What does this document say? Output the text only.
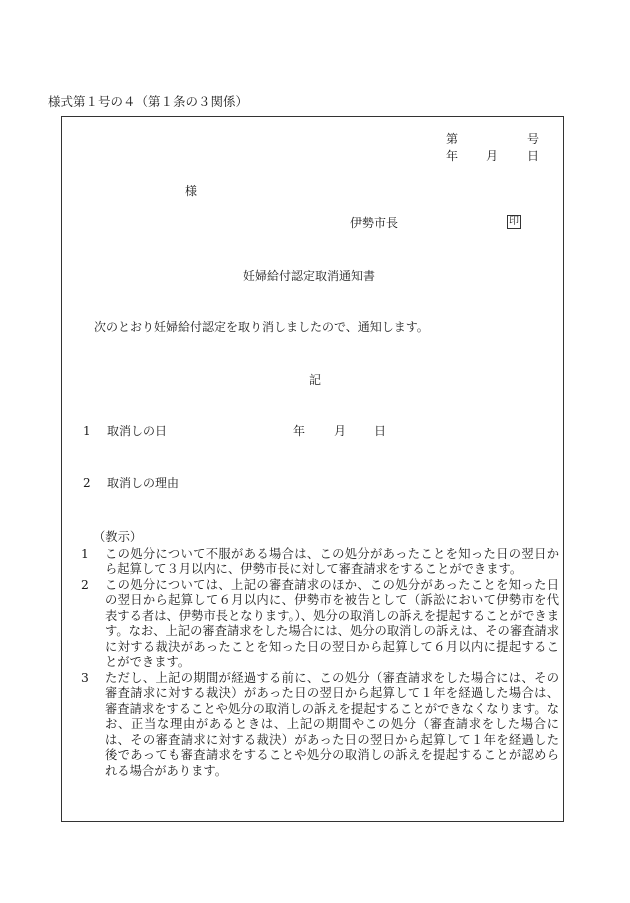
様式第１号の４（第１条の３関係）
第	号
年 月 日
様
伊勢市長	印
妊婦給付認定取消通知書
次のとおり妊婦給付認定を取り消しましたので、通知します。
記
1 取消しの日	年 月 日
2 取消しの理由
（教示）
1	この処分について不服がある場合は、この処分があったことを知った日の翌日から起算して３月以内に、伊勢市長に対して審査請求をすることができます。
2	この処分については、上記の審査請求のほか、この処分があったことを知った日の翌日から起算して６月以内に、伊勢市を被告として（訴訟において伊勢市を代表する者は、伊勢市長となります。）、処分の取消しの訴えを提起することができます。なお、上記の審査請求をした場合には、処分の取消しの訴えは、その審査請求に対する裁決があったことを知った日の翌日から起算して６月以内に提起することができます。
3	ただし、上記の期間が経過する前に、この処分（審査請求をした場合には、その審査請求に対する裁決）があった日の翌日から起算して１年を経過した場合は、審査請求をすることや処分の取消しの訴えを提起することができなくなります。なお、正当な理由があるときは、上記の期間やこの処分（審査請求をした場合には、その審査請求に対する裁決）があった日の翌日から起算して１年を経過した後であっても審査請求をすることや処分の取消しの訴えを提起することが認められる場合があります。
